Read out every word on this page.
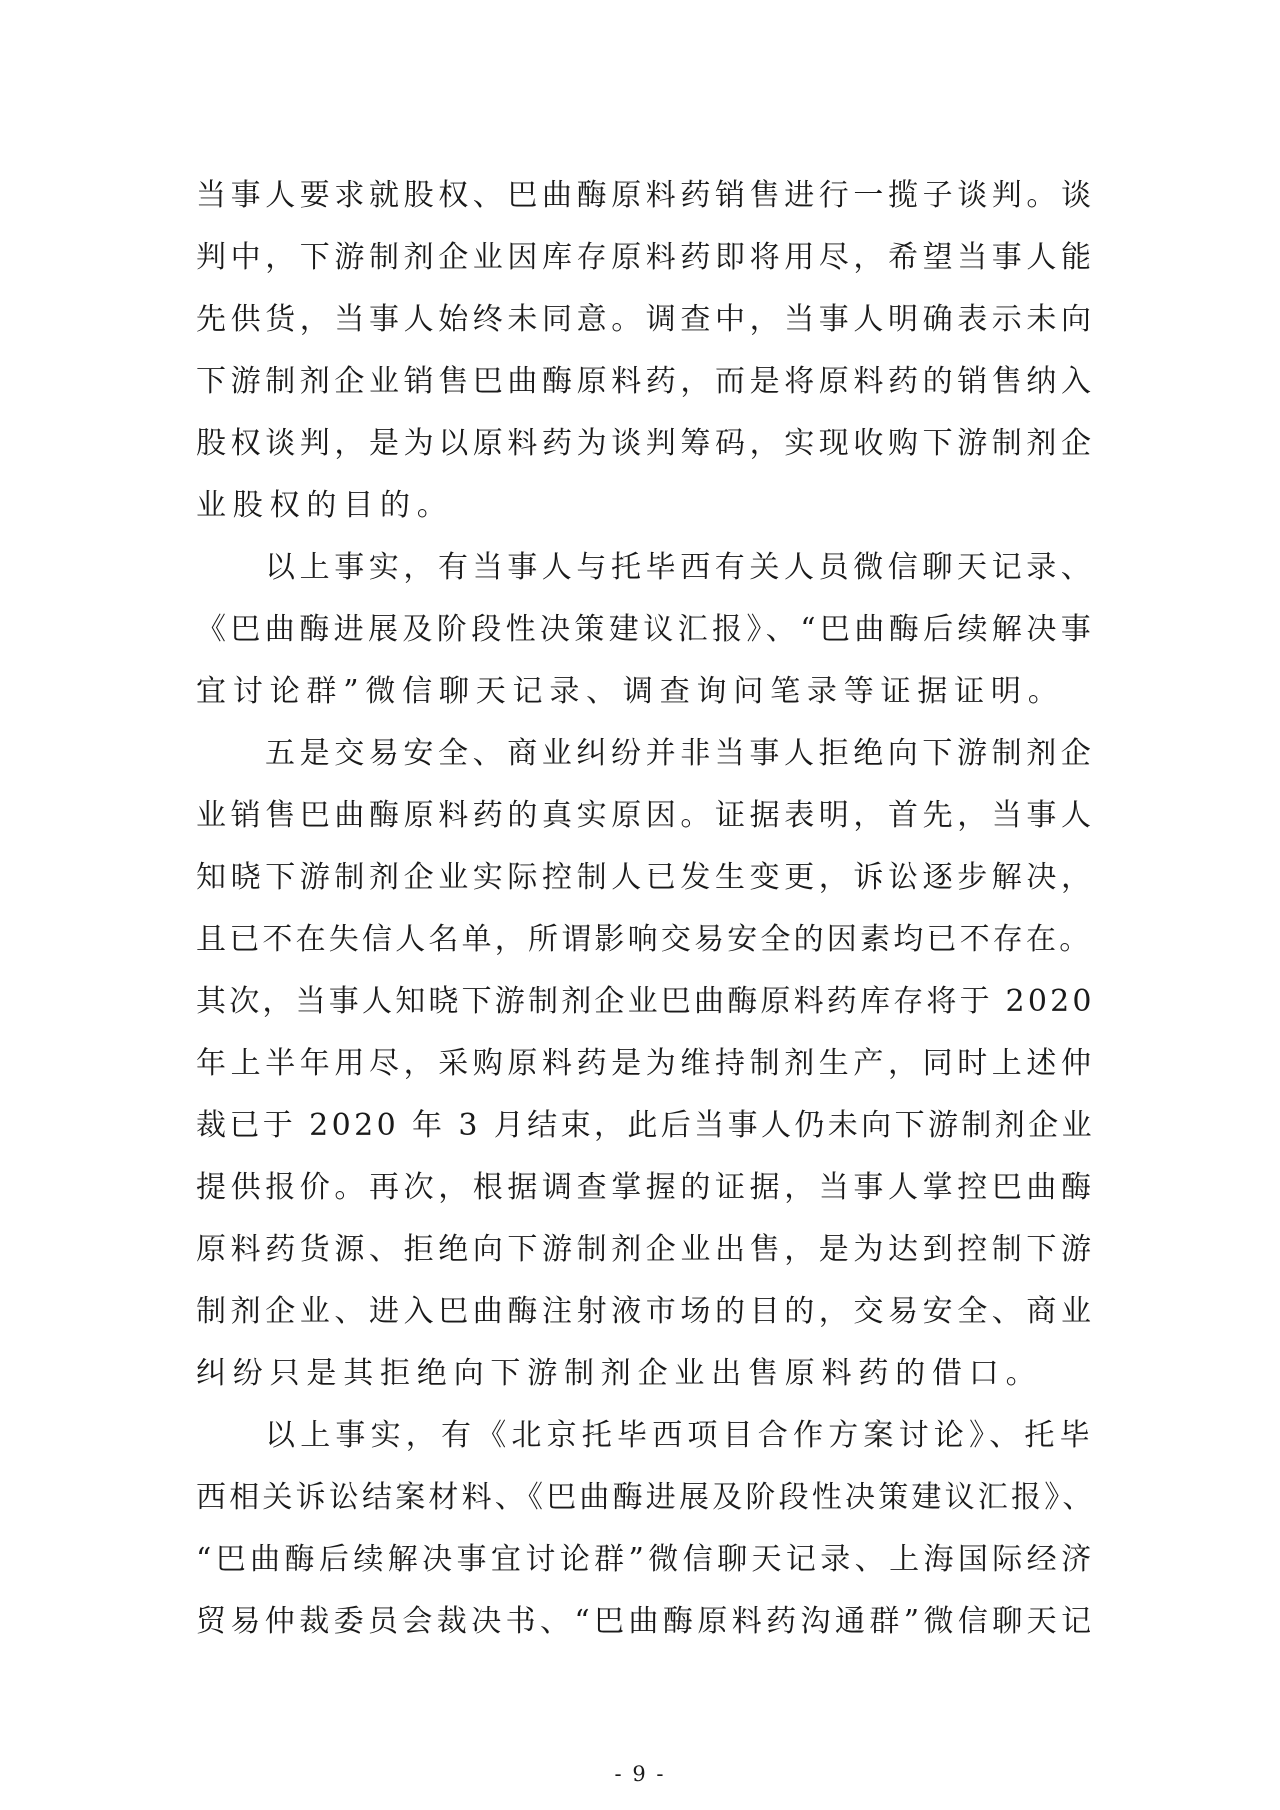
当事人要求就股权、巴曲酶原料药销售进行一揽子谈判。谈
判中，下游制剂企业因库存原料药即将用尽，希望当事人能
先供货，当事人始终未同意。调查中，当事人明确表示未向
下游制剂企业销售巴曲酶原料药，而是将原料药的销售纳入
股权谈判，是为以原料药为谈判筹码，实现收购下游制剂企
业股权的目的。
以上事实，有当事人与托毕西有关人员微信聊天记录、
《巴曲酶进展及阶段性决策建议汇报》、“巴曲酶后续解决事
宜讨论群”微信聊天记录、调查询问笔录等证据证明。
五是交易安全、商业纠纷并非当事人拒绝向下游制剂企
业销售巴曲酶原料药的真实原因。证据表明，首先，当事人
知晓下游制剂企业实际控制人已发生变更，诉讼逐步解决，
且已不在失信人名单，所谓影响交易安全的因素均已不存在。
其次，当事人知晓下游制剂企业巴曲酶原料药库存将于 2020
年上半年用尽，采购原料药是为维持制剂生产，同时上述仲
裁已于 2020 年 3 月结束，此后当事人仍未向下游制剂企业
提供报价。再次，根据调查掌握的证据，当事人掌控巴曲酶
原料药货源、拒绝向下游制剂企业出售，是为达到控制下游
制剂企业、进入巴曲酶注射液市场的目的，交易安全、商业
纠纷只是其拒绝向下游制剂企业出售原料药的借口。
以上事实，有《北京托毕西项目合作方案讨论》、托毕
西相关诉讼结案材料、《巴曲酶进展及阶段性决策建议汇报》、
“巴曲酶后续解决事宜讨论群”微信聊天记录、上海国际经济
贸易仲裁委员会裁决书、“巴曲酶原料药沟通群”微信聊天记
- 9 -
